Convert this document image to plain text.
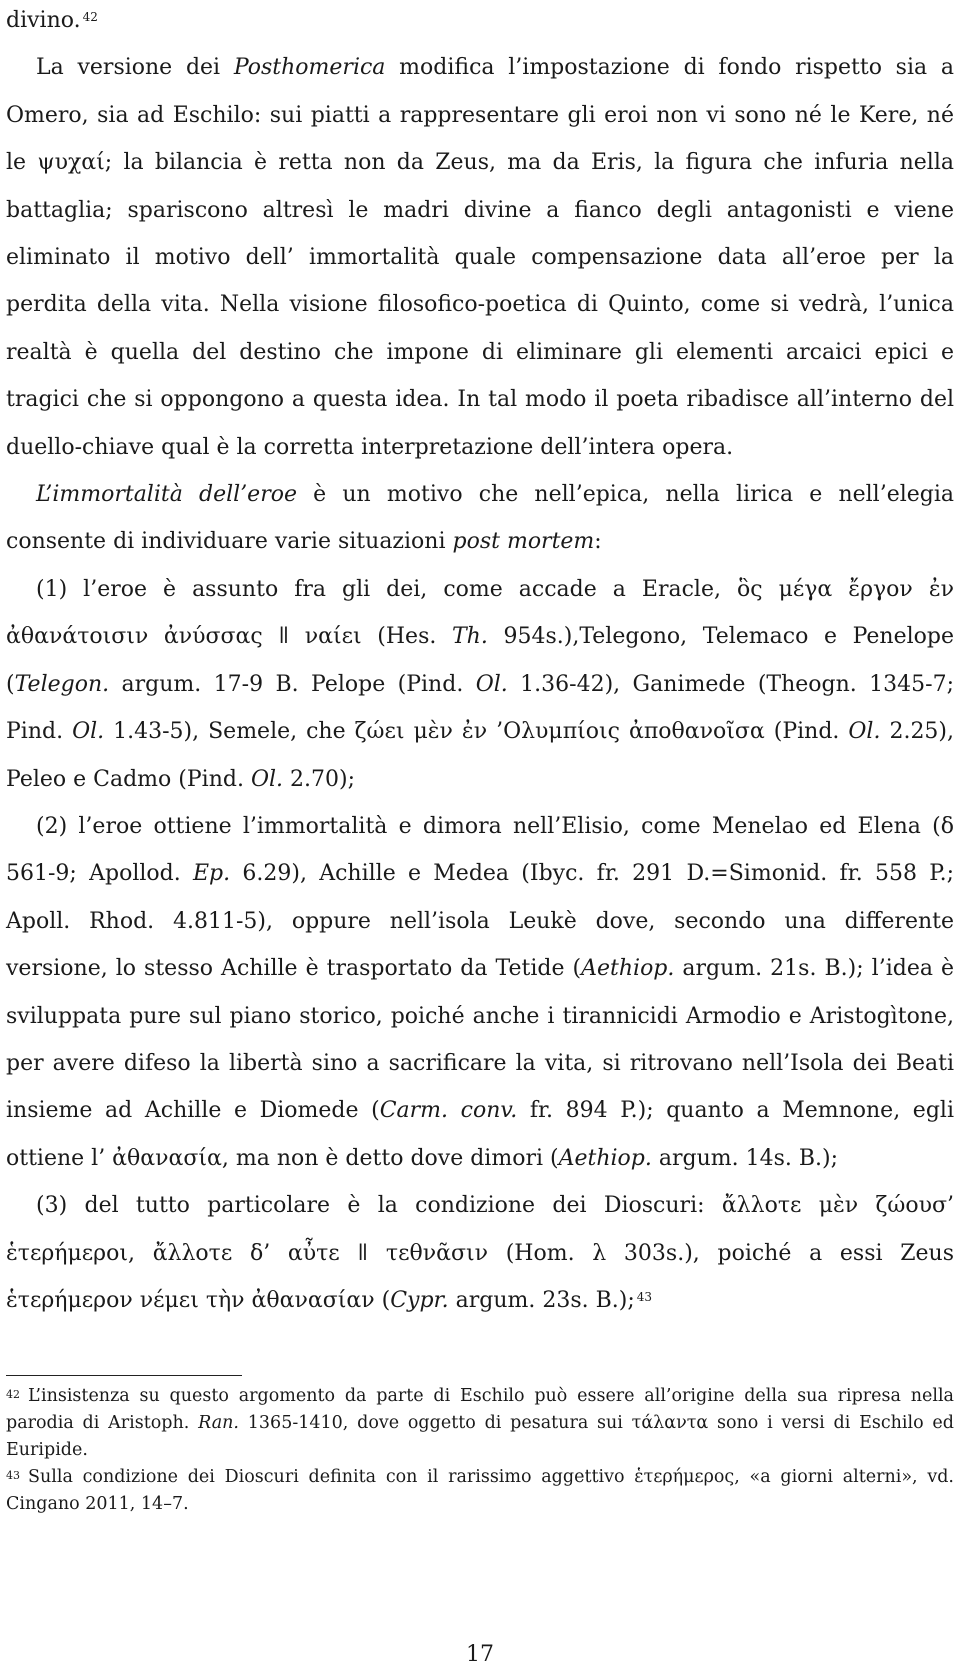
divino. $^{42}$

La versione dei Posthomerica modifica l’impostazione di fondo rispetto sia a Omero, sia ad Eschilo: sui piatti a rappresentare gli eroi non vi sono né le Kere, né le ψυχαί; la bilancia è retta non da Zeus, ma da Eris, la figura che infuria nella battaglia; spariscono altresì le madri divine a fianco degli antagonisti e viene eliminato il motivo dell’ immortalità quale compensazione data all’eroe per la perdita della vita. Nella visione filosofico-poetica di Quinto, come si vedrà, l’unica realtà è quella del destino che impone di eliminare gli elementi arcaici epici e tragici che si oppongono a questa idea. In tal modo il poeta ribadisce all’interno del duello-chiave qual è la corretta interpretazione dell’intera opera.

L’immortalità dell’eroe è un motivo che nell’epica, nella lirica e nell’elegia consente di individuare varie situazioni post mortem:

(1) l’eroe è assunto fra gli dei, come accade a Eracle, ὃς μέγα ἔργον ἐν ἀθανάτοισιν ἀνύσσας ǁ ναίει (Hes. Th. 954s.),Telegono, Telemaco e Penelope (Telegon. argum. 17-9 B. Pelope (Pind. Ol. 1.36-42), Ganimede (Theogn. 1345-7; Pind. Ol. 1.43-5), Semele, che ζώει μὲν ἐν ’Ολυμπίοις ἀποθανοῖσα (Pind. Ol. 2.25), Peleo e Cadmo (Pind. Ol. 2.70);

(2) l’eroe ottiene l’immortalità e dimora nell’Elisio, come Menelao ed Elena (δ 561-9; Apollod. Ep. 6.29), Achille e Medea (Ibyc. fr. 291 D.=Simonid. fr. 558 P.; Apoll. Rhod. 4.811-5), oppure nell’isola Leukè dove, secondo una differente versione, lo stesso Achille è trasportato da Tetide (Aethiop. argum. 21s. B.); l’idea è sviluppata pure sul piano storico, poiché anche i tirannicidi Armodio e Aristogìtone, per avere difeso la libertà sino a sacrificare la vita, si ritrovano nell’Isola dei Beati insieme ad Achille e Diomede (Carm. conv. fr. 894 P.); quanto a Memnone, egli ottiene l’ ἀθανασία, ma non è detto dove dimori (Aethiop. argum. 14s. B.);

(3) del tutto particolare è la condizione dei Dioscuri: ἄλλοτε μὲν ζώουσ’ ἑτερήμεροι, ἄλλοτε δ’ αὖτε ǁ τεθνᾶσιν (Hom. λ 303s.), poiché a essi Zeus ἑτερήμερον νέμει τὴν ἀθανασίαν (Cypr. argum. 23s. B.); $^{43}$

$^{42}$ L’insistenza su questo argomento da parte di Eschilo può essere all’origine della sua ripresa nella parodia di Aristoph. Ran. 1365-1410, dove oggetto di pesatura sui τάλαντα sono i versi di Eschilo ed Euripide.

$^{43}$ Sulla condizione dei Dioscuri definita con il rarissimo aggettivo ἑτερήμερος, «a giorni alterni», vd. Cingano 2011, 14–7.

17
